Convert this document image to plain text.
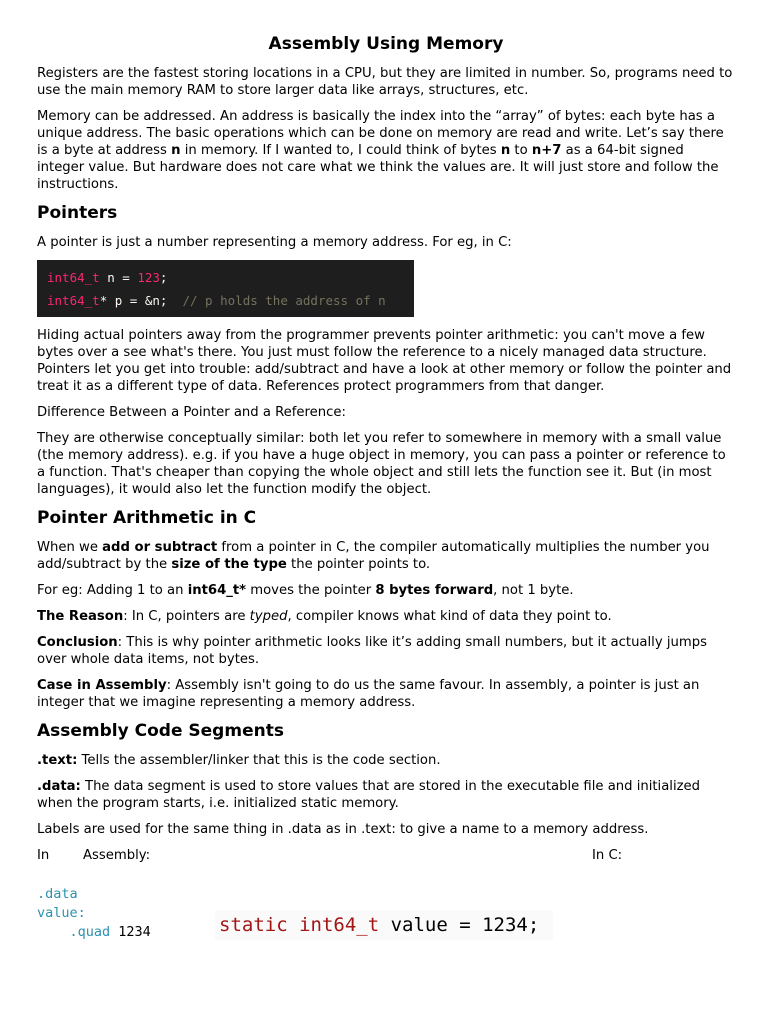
Assembly Using Memory

Registers are the fastest storing locations in a CPU, but they are limited in number. So, programs need to use the main memory RAM to store larger data like arrays, structures, etc.

Memory can be addressed. An address is basically the index into the “array” of bytes: each byte has a unique address. The basic operations which can be done on memory are read and write. Let’s say there is a byte at address n in memory. If I wanted to, I could think of bytes n to n+7 as a 64-bit signed integer value. But hardware does not care what we think the values are. It will just store and follow the instructions.

Pointers

A pointer is just a number representing a memory address. For eg, in C:

int64_t n = 123;
int64_t* p = &n;  // p holds the address of n

Hiding actual pointers away from the programmer prevents pointer arithmetic: you can't move a few bytes over a see what's there. You just must follow the reference to a nicely managed data structure. Pointers let you get into trouble: add/subtract and have a look at other memory or follow the pointer and treat it as a different type of data. References protect programmers from that danger.

Difference Between a Pointer and a Reference:

They are otherwise conceptually similar: both let you refer to somewhere in memory with a small value (the memory address). e.g. if you have a huge object in memory, you can pass a pointer or reference to a function. That's cheaper than copying the whole object and still lets the function see it. But (in most languages), it would also let the function modify the object.

Pointer Arithmetic in C

When we add or subtract from a pointer in C, the compiler automatically multiplies the number you add/subtract by the size of the type the pointer points to.

For eg: Adding 1 to an int64_t* moves the pointer 8 bytes forward, not 1 byte.

The Reason: In C, pointers are typed, compiler knows what kind of data they point to.

Conclusion: This is why pointer arithmetic looks like it’s adding small numbers, but it actually jumps over whole data items, not bytes.

Case in Assembly: Assembly isn't going to do us the same favour. In assembly, a pointer is just an integer that we imagine representing a memory address.

Assembly Code Segments

.text: Tells the assembler/linker that this is the code section.

.data: The data segment is used to store values that are stored in the executable file and initialized when the program starts, i.e. initialized static memory.

Labels are used for the same thing in .data as in .text: to give a name to a memory address.

In	Assembly:	In C:
.data
value:
.quad 1234	static int64_t value = 1234;
